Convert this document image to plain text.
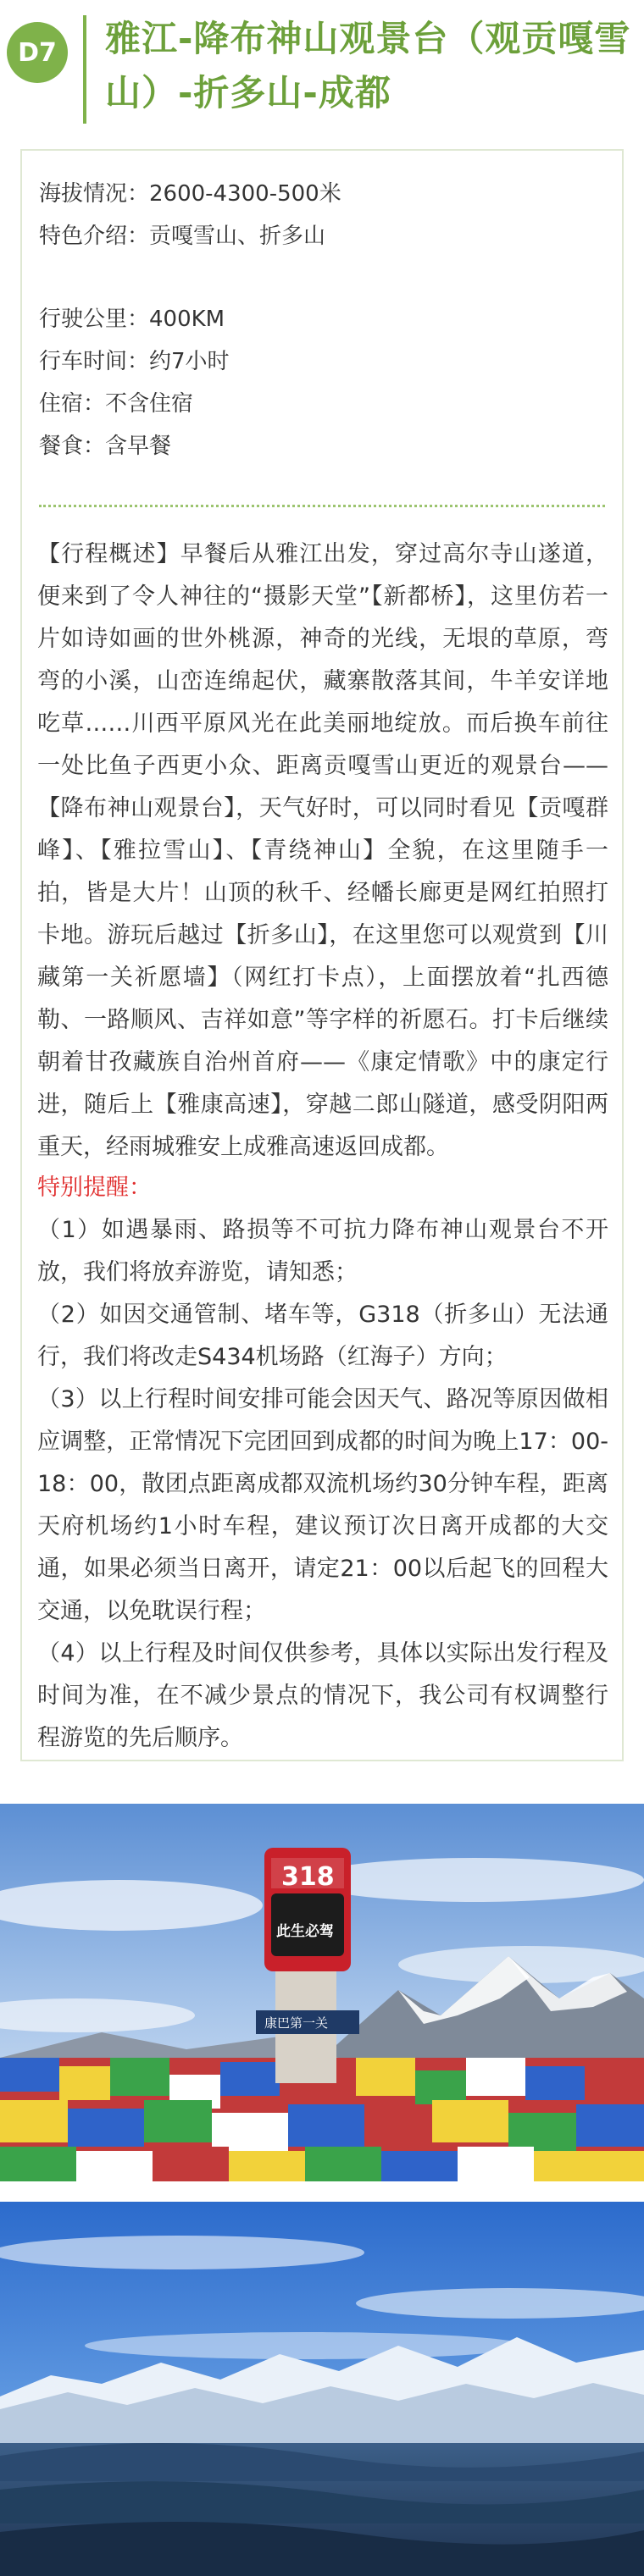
D7	雅江-降布神山观景台（观贡嘎雪山）-折多山-成都
海拔情况：2600-4300-500米
特色介绍：贡嘎雪山、折多山
行驶公里：400KM
行车时间：约7小时
住宿：不含住宿
餐食：含早餐
【行程概述】早餐后从雅江出发，穿过高尔寺山遂道，便来到了令人神往的“摄影天堂”【新都桥】，这里仿若一片如诗如画的世外桃源，神奇的光线，无垠的草原，弯弯的小溪，山峦连绵起伏，藏寨散落其间，牛羊安详地吃草……川西平原风光在此美丽地绽放。而后换车前往一处比鱼子西更小众、距离贡嘎雪山更近的观景台——【降布神山观景台】，天气好时，可以同时看见【贡嘎群峰】、【雅拉雪山】、【青绕神山】全貌，在这里随手一拍，皆是大片！山顶的秋千、经幡长廊更是网红拍照打卡地。游玩后越过【折多山】，在这里您可以观赏到【川藏第一关祈愿墙】（网红打卡点），上面摆放着“扎西德勒、一路顺风、吉祥如意”等字样的祈愿石。打卡后继续朝着甘孜藏族自治州首府——《康定情歌》中的康定行进，随后上【雅康高速】，穿越二郎山隧道，感受阴阳两重天，经雨城雅安上成雅高速返回成都。

特别提醒：

（1）如遇暴雨、路损等不可抗力降布神山观景台不开放，我们将放弃游览，请知悉；

（2）如因交通管制、堵车等，G318（折多山）无法通行，我们将改走S434机场路（红海子）方向；

（3）以上行程时间安排可能会因天气、路况等原因做相应调整，正常情况下完团回到成都的时间为晚上17：00-18：00，散团点距离成都双流机场约30分钟车程，距离天府机场约1小时车程，建议预订次日离开成都的大交通，如果必须当日离开，请定21：00以后起飞的回程大交通，以免耽误行程；

（4）以上行程及时间仅供参考，具体以实际出发行程及时间为准，在不减少景点的情况下，我公司有权调整行程游览的先后顺序。

318
此生必驾
康巴第一关
